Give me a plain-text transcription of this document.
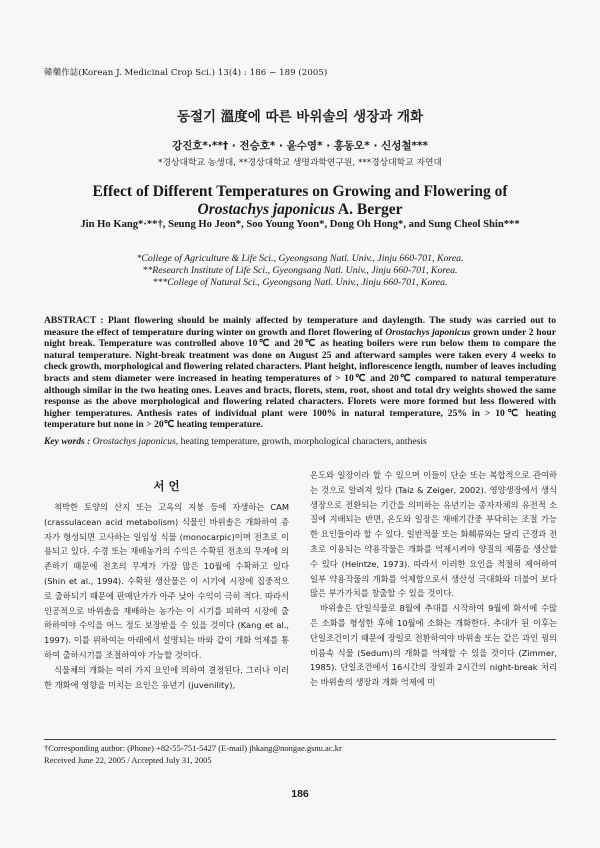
韓藥作誌(Korean J. Medicinal Crop Sci.) 13(4) : 186 − 189 (2005)
동절기 溫度에 따른 바위솔의 생장과 개화
강진호*·**† · 전승호* · 윤수영* · 홍동오* · 신성철***
*경상대학교 농생대, **경상대학교 생명과학연구원, ***경상대학교 자연대
Effect of Different Temperatures on Growing and Flowering of
Orostachys japonicus A. Berger
Jin Ho Kang*·**†, Seung Ho Jeon*, Soo Young Yoon*, Dong Oh Hong*, and Sung Cheol Shin***
*College of Agriculture & Life Sci., Gyeongsang Natl. Univ., Jinju 660-701, Korea.
**Research Institute of Life Sci., Gyeongsang Natl. Univ., Jinju 660-701, Korea.
***College of Natural Sci., Gyeongsang Natl. Univ., Jinju 660-701, Korea.
ABSTRACT : Plant flowering should be mainly affected by temperature and daylength. The study was carried out to measure the effect of temperature during winter on growth and floret flowering of Orostachys japonicus grown under 2 hour night break. Temperature was controlled above 10℃ and 20℃ as heating boilers were run below them to compare the natural temperature. Night-break treatment was done on August 25 and afterward samples were taken every 4 weeks to check growth, morphological and flowering related characters. Plant height, inflorescence length, number of leaves including bracts and stem diameter were increased in heating temperatures of > 10℃ and 20℃ compared to natural temperature although similar in the two heating ones. Leaves and bracts, florets, stem, root, shoot and total dry weights showed the same response as the above morphological and flowering related characters. Florets were more formed but less flowered with higher temperatures. Anthesis rates of individual plant were 100% in natural temperature, 25% in > 10℃ heating temperature but none in > 20℃ heating temperature.
Key words : Orostachys japonicus, heating temperature, growth, morphological characters, anthesis
서 언

척박한 토양의 산지 또는 고옥의 지붕 등에 자생하는 CAM (crassulacean acid metabolism) 식물인 바위솔은 개화하여 종자가 형성되면 고사하는 일임성 식물 (monocarpic)이며 전초로 이용되고 있다. 수경 또는 재배농가의 수익은 수확된 전초의 무게에 의존하기 때문에 전초의 무게가 가장 많은 10월에 수확하고 있다 (Shin et al., 1994). 수확된 생산물은 이 시기에 시장에 집중적으로 출하되기 때문에 판매단가가 아주 낮아 수익이 극히 적다. 따라서 인공적으로 바위솔을 재배하는 농가는 이 시기를 피하여 시장에 출하하여야 수익을 어느 정도 보장받을 수 있을 것이다 (Kang et al., 1997). 이를 위하여는 아래에서 설명되는 바와 같이 개화 억제를 통하여 출하시기를 조절하여야 가능할 것이다.

식물체의 개화는 여러 가지 요인에 의하여 결정된다. 그러나 이러한 개화에 영향을 미치는 요인은 유년기 (juvenility),

온도와 일장이라 할 수 있으며 이들이 단순 또는 복합적으로 관여하는 것으로 알려져 있다 (Taiz & Zeiger, 2002). 영양생장에서 생식생장으로 전환되는 기간을 의미하는 유년기는 종자자체의 유전적 소질에 지배되는 반면, 온도와 일장은 재배기간중 부닥히는 조절 가능한 요인들이라 할 수 있다. 일반적물 또는 화훼류와는 달리 근경과 전초로 이용되는 약용작물은 개화를 억제시켜야 양질의 제품을 생산할 수 있다 (Heintze, 1973). 따라서 이러한 요인을 적절히 제어하여 일부 약용작물의 개화를 억제함으로서 생산성 극대화와 더불어 보다 많은 부가가치를 창출할 수 있을 것이다.

바위솔은 단일식물로 8월에 추대를 시작하여 9월에 화서에 수많은 소화를 형성한 후에 10월에 소화는 개화한다. 추대가 된 이후는 단일조건이기 때문에 장일로 전환하여야 바위솔 또는 같은 과인 꿩의비름속 식물 (Sedum)의 개화를 억제할 수 있을 것이다 (Zimmer, 1985). 단일조건에서 16시간의 장일과 2시간의 night-break 처리는 바위솔의 생장과 개화 억제에 미

†Corresponding author: (Phone) +82-55-751-5427 (E-mail) jhkang@nongae.gsnu.ac.kr
Received June 22, 2005 / Accepted July 31, 2005
186
